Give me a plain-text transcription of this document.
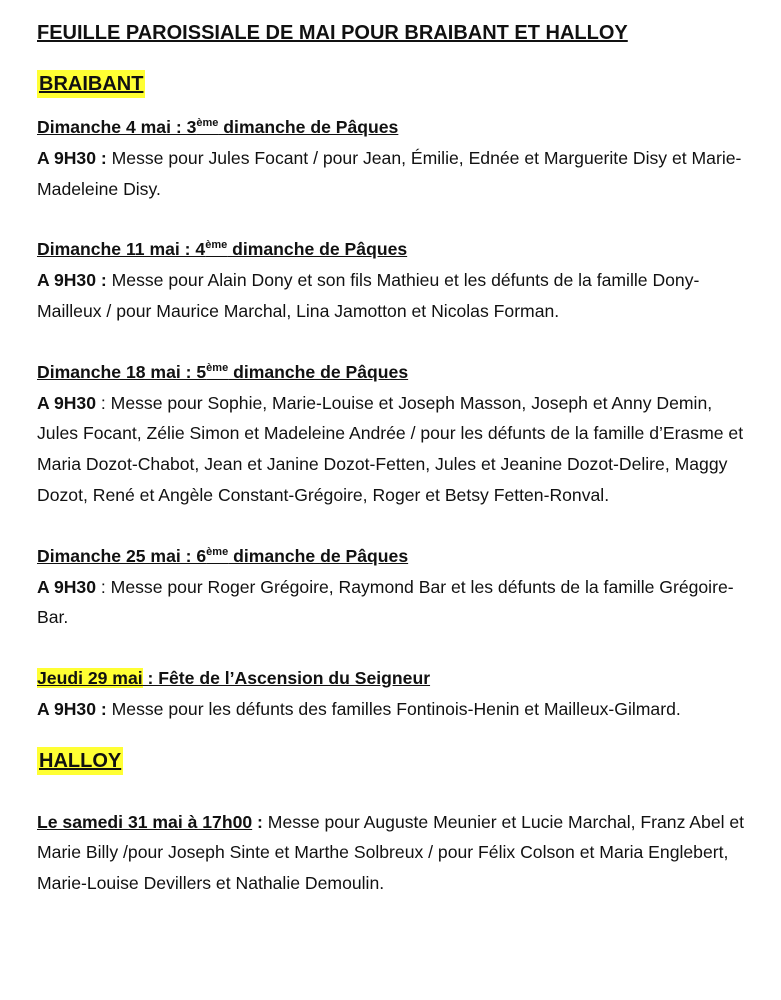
FEUILLE PAROISSIALE DE MAI POUR BRAIBANT ET HALLOY
BRAIBANT
Dimanche 4 mai : 3ème dimanche de Pâques
A 9H30 : Messe pour Jules Focant / pour Jean, Émilie, Ednée et Marguerite Disy et Marie-Madeleine Disy.
Dimanche 11 mai : 4ème dimanche de Pâques
A 9H30 : Messe pour Alain Dony et son fils Mathieu et les défunts de la famille Dony-Mailleux / pour Maurice Marchal, Lina Jamotton et Nicolas Forman.
Dimanche 18 mai : 5ème dimanche de Pâques
A 9H30 : Messe pour Sophie, Marie-Louise et Joseph Masson, Joseph et Anny Demin, Jules Focant, Zélie Simon et Madeleine Andrée / pour les défunts de la famille d’Erasme et Maria Dozot-Chabot, Jean et Janine Dozot-Fetten, Jules et Jeanine Dozot-Delire, Maggy Dozot, René et Angèle Constant-Grégoire, Roger et Betsy Fetten-Ronval.
Dimanche 25 mai : 6ème dimanche de Pâques
A 9H30 : Messe pour Roger Grégoire, Raymond Bar et les défunts de la famille Grégoire-Bar.
Jeudi 29 mai : Fête de l’Ascension du Seigneur
A 9H30 : Messe pour les défunts des familles Fontinois-Henin et Mailleux-Gilmard.
HALLOY
Le samedi 31 mai à 17h00 : Messe pour Auguste Meunier et Lucie Marchal, Franz Abel et Marie Billy /pour Joseph Sinte et Marthe Solbreux / pour Félix Colson et Maria Englebert, Marie-Louise Devillers et Nathalie Demoulin.
